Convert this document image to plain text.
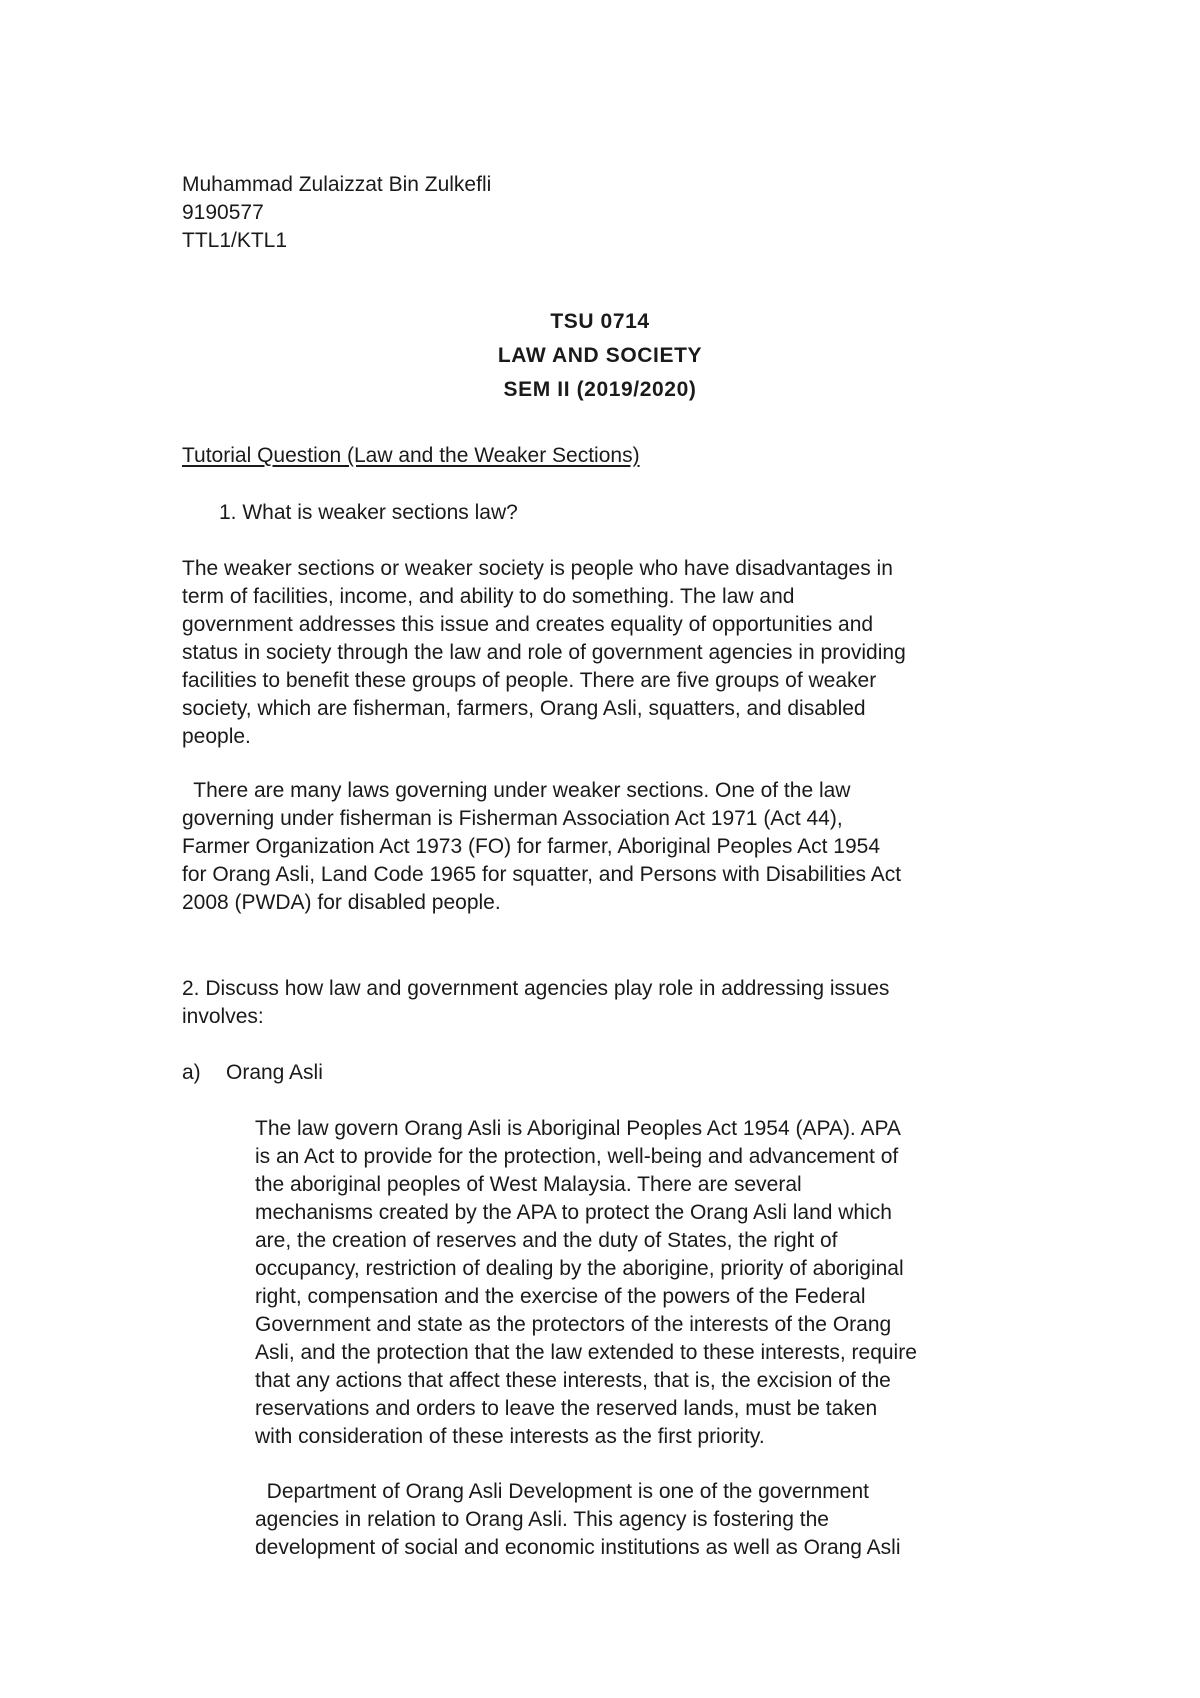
Muhammad Zulaizzat Bin Zulkefli
9190577
TTL1/KTL1
TSU 0714
LAW AND SOCIETY
SEM II (2019/2020)
Tutorial Question (Law and the Weaker Sections)
1. What is weaker sections law?
The weaker sections or weaker society is people who have disadvantages in
term of facilities, income, and ability to do something. The law and
government addresses this issue and creates equality of opportunities and
status in society through the law and role of government agencies in providing
facilities to benefit these groups of people. There are five groups of weaker
society, which are fisherman, farmers, Orang Asli, squatters, and disabled
people.
There are many laws governing under weaker sections. One of the law
governing under fisherman is Fisherman Association Act 1971 (Act 44),
Farmer Organization Act 1973 (FO) for farmer, Aboriginal Peoples Act 1954
for Orang Asli, Land Code 1965 for squatter, and Persons with Disabilities Act
2008 (PWDA) for disabled people.
2. Discuss how law and government agencies play role in addressing issues
involves:
a) Orang Asli
The law govern Orang Asli is Aboriginal Peoples Act 1954 (APA). APA
is an Act to provide for the protection, well-being and advancement of
the aboriginal peoples of West Malaysia. There are several
mechanisms created by the APA to protect the Orang Asli land which
are, the creation of reserves and the duty of States, the right of
occupancy, restriction of dealing by the aborigine, priority of aboriginal
right, compensation and the exercise of the powers of the Federal
Government and state as the protectors of the interests of the Orang
Asli, and the protection that the law extended to these interests, require
that any actions that affect these interests, that is, the excision of the
reservations and orders to leave the reserved lands, must be taken
with consideration of these interests as the first priority.
Department of Orang Asli Development is one of the government
agencies in relation to Orang Asli. This agency is fostering the
development of social and economic institutions as well as Orang Asli
